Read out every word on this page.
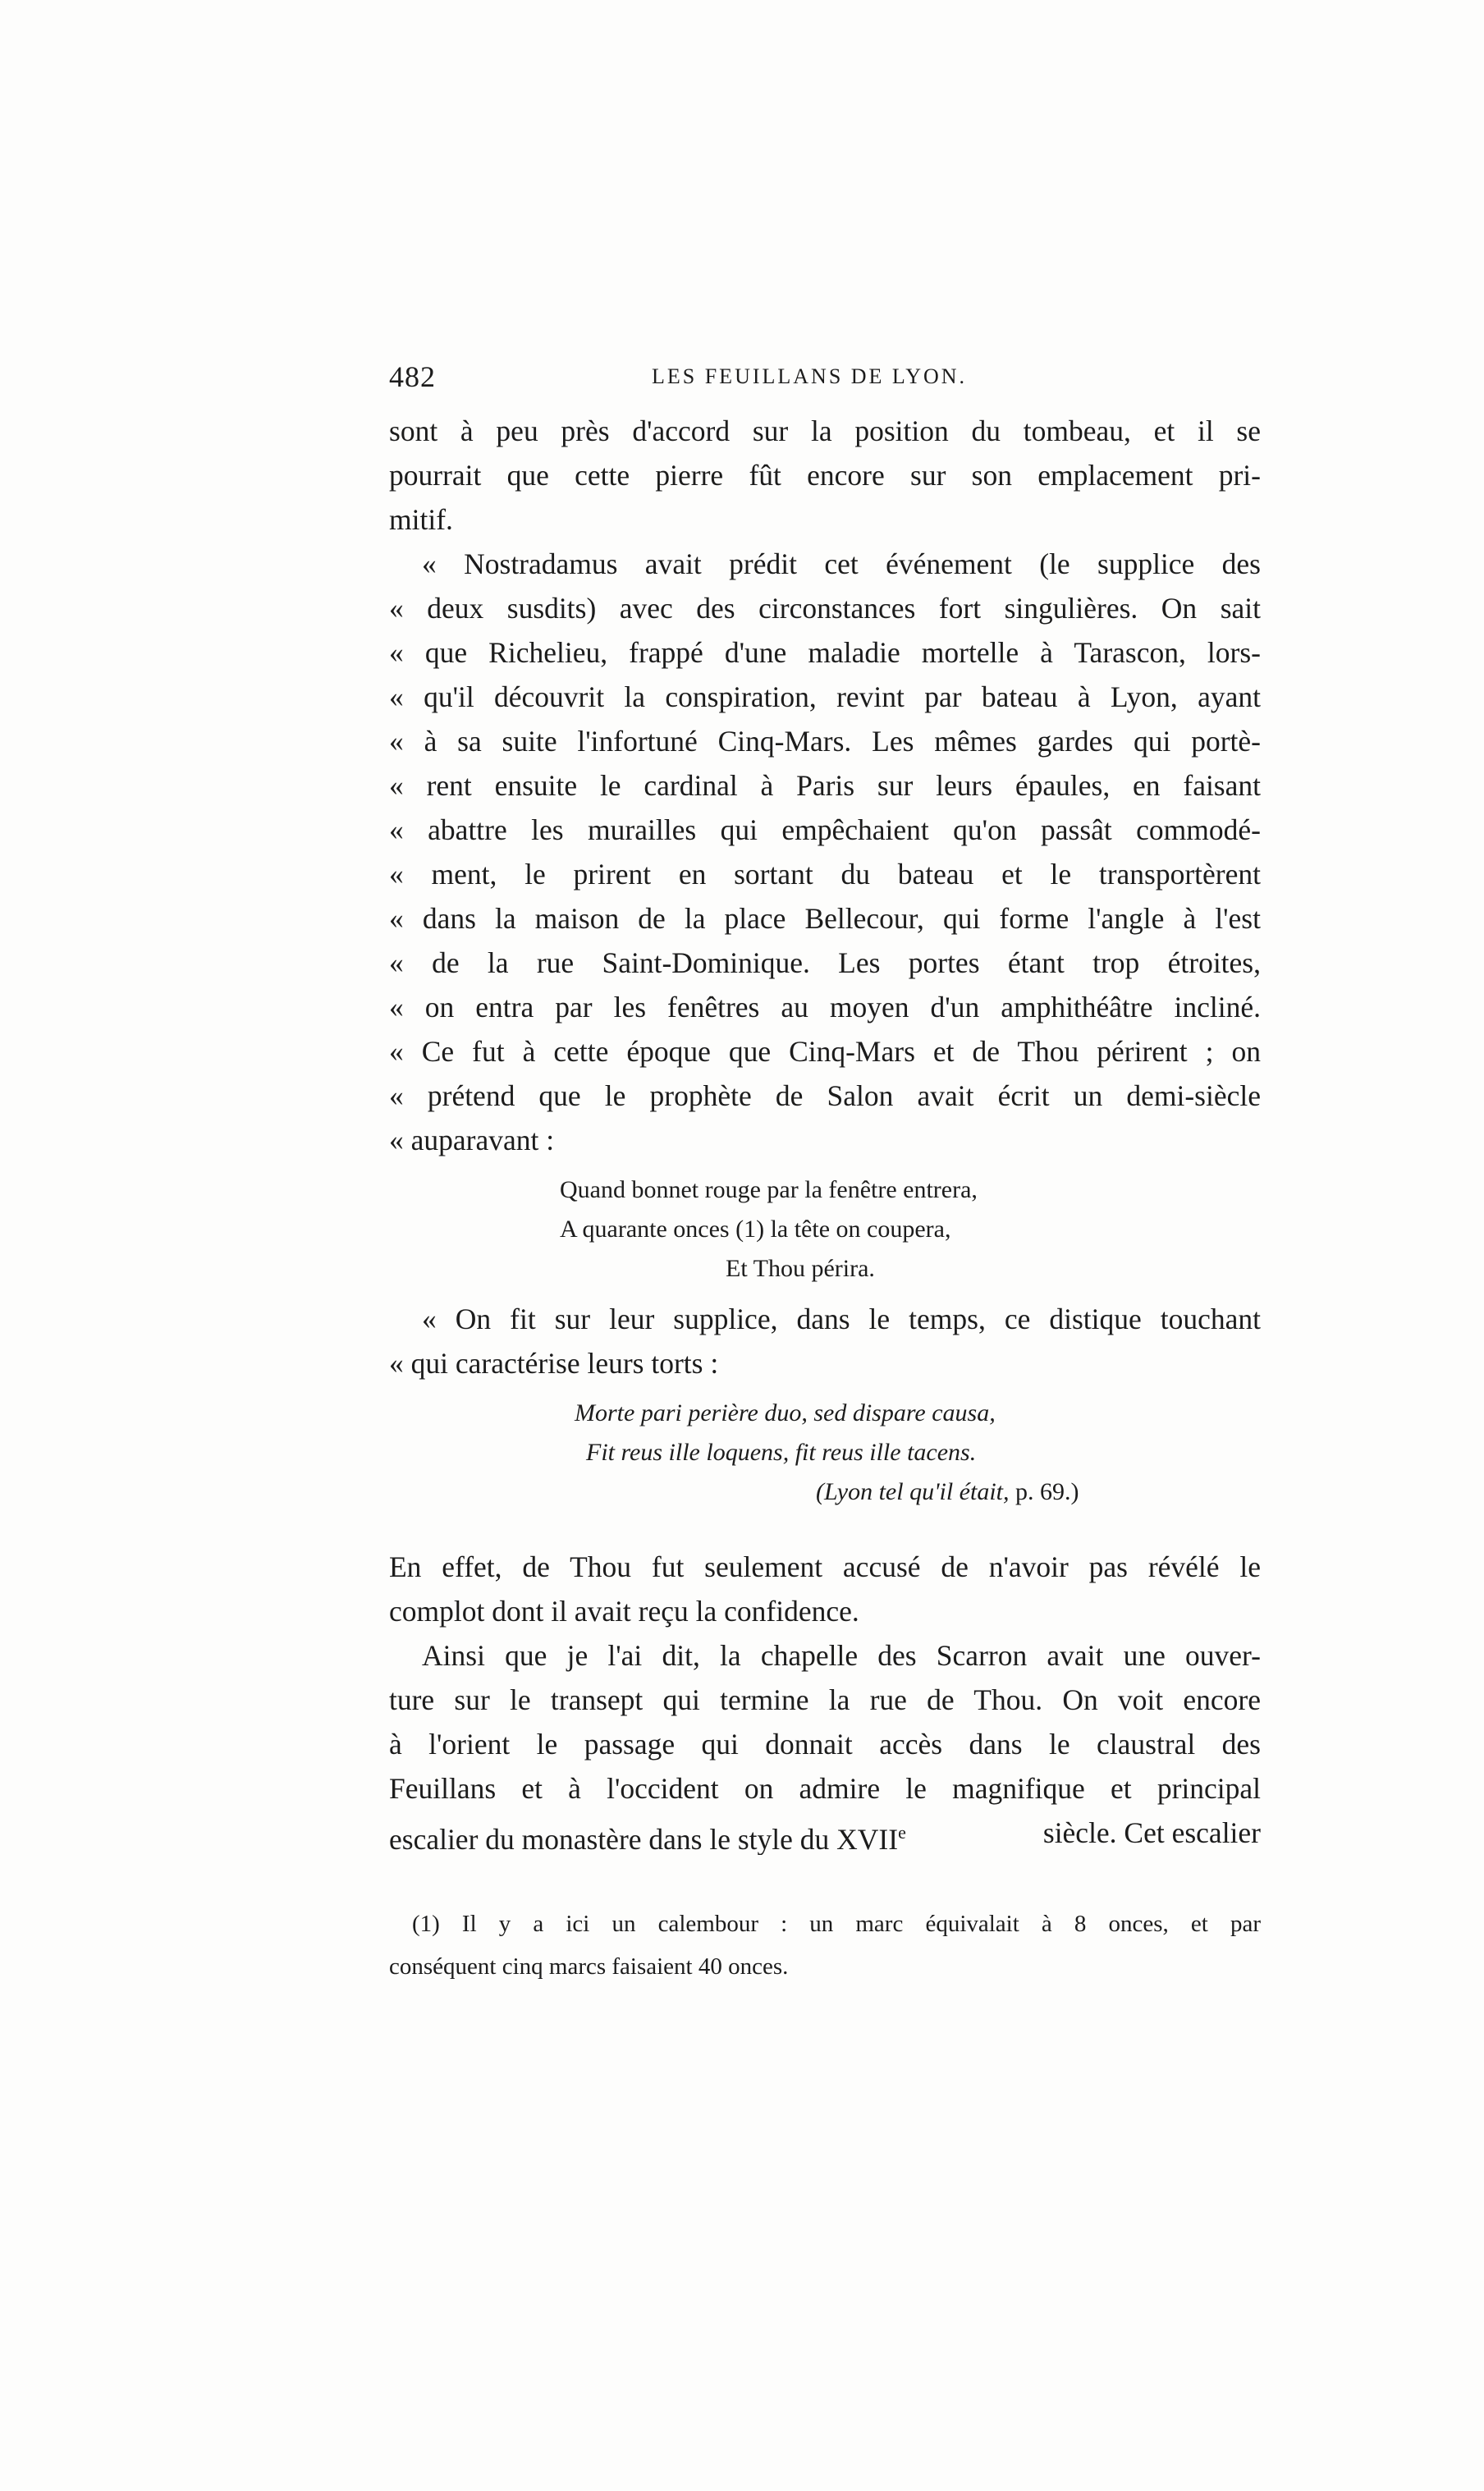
482	LES FEUILLANS DE LYON.
sont à peu près d'accord sur la position du tombeau, et il se
pourrait que cette pierre fût encore sur son emplacement pri-
mitif.
« Nostradamus avait prédit cet événement (le supplice des
« deux susdits) avec des circonstances fort singulières. On sait
« que Richelieu, frappé d'une maladie mortelle à Tarascon, lors-
« qu'il découvrit la conspiration, revint par bateau à Lyon, ayant
« à sa suite l'infortuné Cinq-Mars. Les mêmes gardes qui portè-
« rent ensuite le cardinal à Paris sur leurs épaules, en faisant
« abattre les murailles qui empêchaient qu'on passât commodé-
« ment, le prirent en sortant du bateau et le transportèrent
« dans la maison de la place Bellecour, qui forme l'angle à l'est
« de la rue Saint-Dominique. Les portes étant trop étroites,
« on entra par les fenêtres au moyen d'un amphithéâtre incliné.
« Ce fut à cette époque que Cinq-Mars et de Thou périrent ; on
« prétend que le prophète de Salon avait écrit un demi-siècle
« auparavant :
Quand bonnet rouge par la fenêtre entrera,
A quarante onces (1) la tête on coupera,
Et Thou périra.
« On fit sur leur supplice, dans le temps, ce distique touchant
« qui caractérise leurs torts :
Morte pari perière duo, sed dispare causa,
Fit reus ille loquens, fit reus ille tacens.
(Lyon tel qu'il était, p. 69.)
En effet, de Thou fut seulement accusé de n'avoir pas révélé le
complot dont il avait reçu la confidence.
Ainsi que je l'ai dit, la chapelle des Scarron avait une ouver-
ture sur le transept qui termine la rue de Thou. On voit encore
à l'orient le passage qui donnait accès dans le claustral des
Feuillans et à l'occident on admire le magnifique et principal
escalier du monastère dans le style du XVIIe	siècle. Cet escalier
(1) Il y a ici un calembour : un marc équivalait à 8 onces, et par
conséquent cinq marcs faisaient 40 onces.
